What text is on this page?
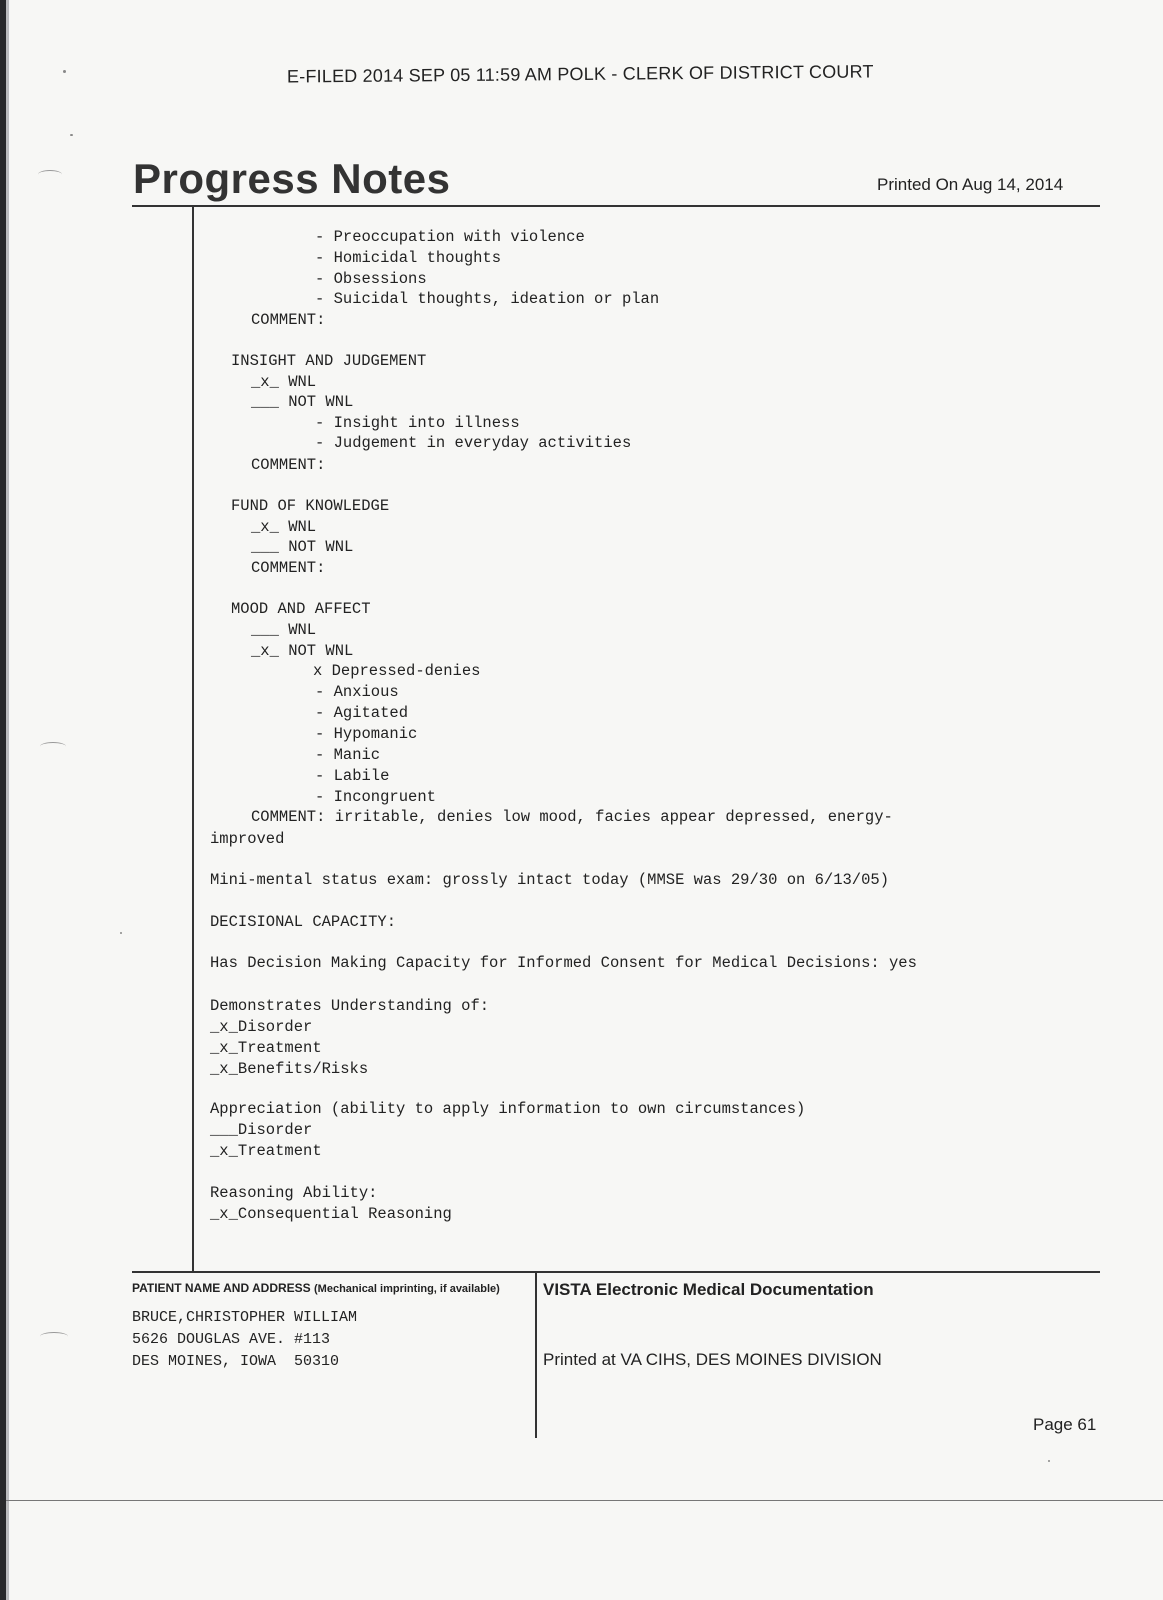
E-FILED 2014 SEP 05 11:59 AM POLK - CLERK OF DISTRICT COURT
Progress Notes	Printed On Aug 14, 2014
- Preoccupation with violence
- Homicidal thoughts
- Obsessions
- Suicidal thoughts, ideation or plan
COMMENT:
INSIGHT AND JUDGEMENT
_x_ WNL
___ NOT WNL
- Insight into illness
- Judgement in everyday activities
COMMENT:
FUND OF KNOWLEDGE
_x_ WNL
___ NOT WNL
COMMENT:
MOOD AND AFFECT
___ WNL
_x_ NOT WNL
x Depressed-denies
- Anxious
- Agitated
- Hypomanic
- Manic
- Labile
- Incongruent
COMMENT: irritable, denies low mood, facies appear depressed, energy-
improved
Mini-mental status exam: grossly intact today (MMSE was 29/30 on 6/13/05)
DECISIONAL CAPACITY:
Has Decision Making Capacity for Informed Consent for Medical Decisions: yes
Demonstrates Understanding of:
_x_Disorder
_x_Treatment
_x_Benefits/Risks
Appreciation (ability to apply information to own circumstances)
___Disorder
_x_Treatment
Reasoning Ability:
_x_Consequential Reasoning
PATIENT NAME AND ADDRESS (Mechanical imprinting, if available)
BRUCE,CHRISTOPHER WILLIAM
5626 DOUGLAS AVE. #113
DES MOINES, IOWA  50310
VISTA Electronic Medical Documentation
Printed at VA CIHS, DES MOINES DIVISION
Page 61
